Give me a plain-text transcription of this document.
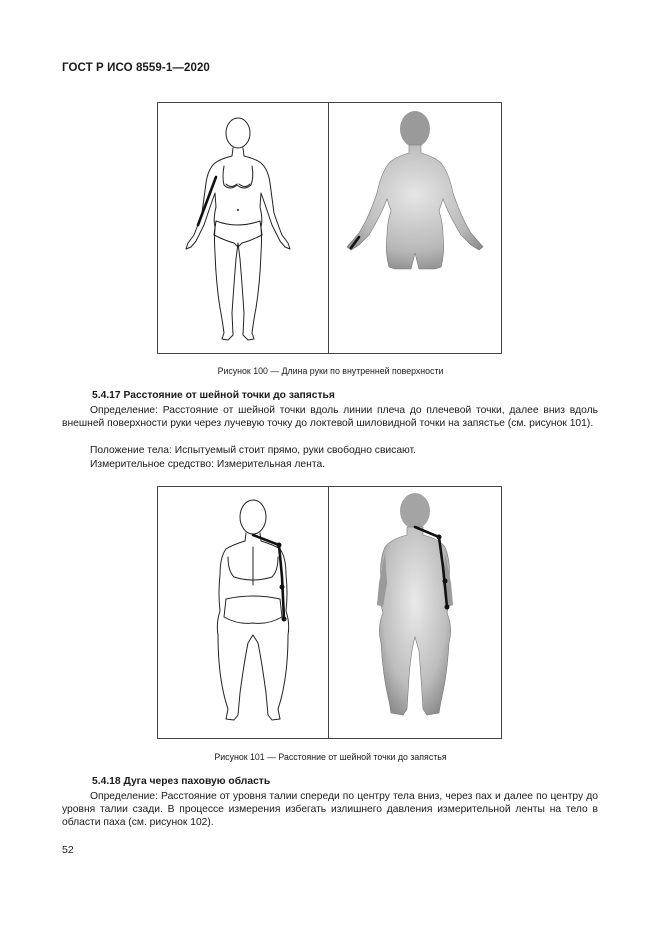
ГОСТ Р ИСО 8559-1—2020
Рисунок 100 — Длина руки по внутренней поверхности
5.4.17 Расстояние от шейной точки до запястья
Определение: Расстояние от шейной точки вдоль линии плеча до плечевой точки, далее вниз вдоль внешней поверхности руки через лучевую точку до локтевой шиловидной точки на запястье (см. рисунок 101).
Положение тела: Испытуемый стоит прямо, руки свободно свисают.
Измерительное средство: Измерительная лента.
Рисунок 101 — Расстояние от шейной точки до запястья
5.4.18 Дуга через паховую область
Определение: Расстояние от уровня талии спереди по центру тела вниз, через пах и далее по центру до уровня талии сзади. В процессе измерения избегать излишнего давления измерительной ленты на тело в области паха (см. рисунок 102).
52
